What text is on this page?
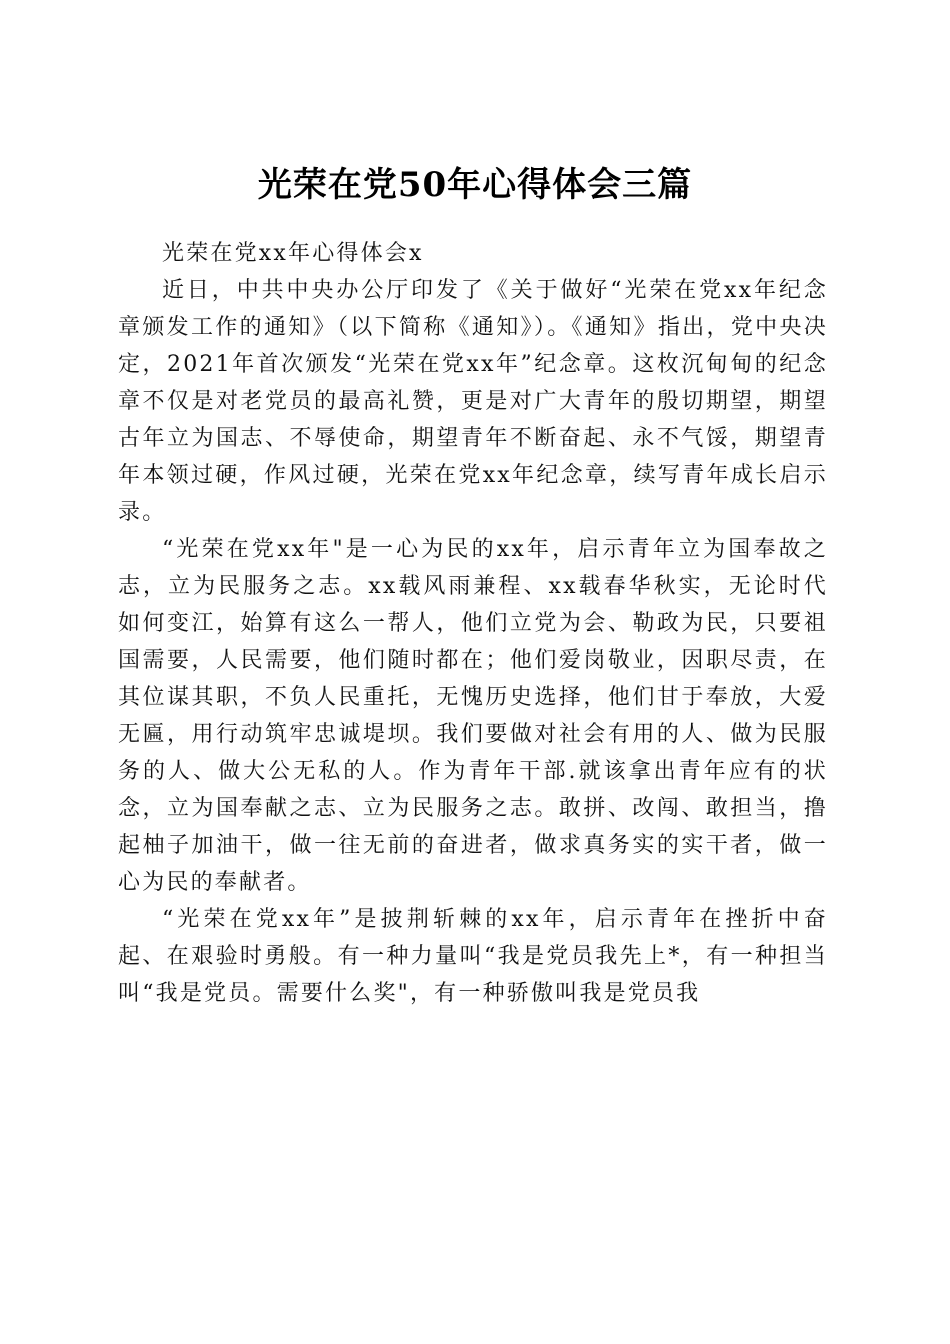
光荣在党50年心得体会三篇

光荣在党xx年心得体会x

近日，中共中央办公厅印发了《关于做好“光荣在党xx年纪念章颁发工作的通知》（以下简称《通知》）。《通知》指出，党中央决定，2021年首次颁发“光荣在党xx年”纪念章。这枚沉甸甸的纪念章不仅是对老党员的最高礼赞，更是对广大青年的殷切期望，期望古年立为国志、不辱使命，期望青年不断奋起、永不气馁，期望青年本领过硬，作风过硬，光荣在党xx年纪念章，续写青年成长启示录。

“光荣在党xx年"是一心为民的xx年，启示青年立为国奉故之志，立为民服务之志。xx载风雨兼程、xx载春华秋实，无论时代如何变江，始算有这么一帮人，他们立党为会、勒政为民，只要祖国需要，人民需要，他们随时都在；他们爱岗敬业，因职尽责，在其位谋其职，不负人民重托，无愧历史选择，他们甘于奉放，大爱无匾，用行动筑牢忠诚堤坝。我们要做对社会有用的人、做为民服务的人、做大公无私的人。作为青年干部.就该拿出青年应有的状念，立为国奉献之志、立为民服务之志。敢拼、改闯、敢担当，撸起柚子加油干，做一往无前的奋进者，做求真务实的实干者，做一心为民的奉献者。

“光荣在党xx年”是披荆斩棘的xx年，启示青年在挫折中奋起、在艰验时勇般。有一种力量叫“我是党员我先上*，有一种担当叫“我是党员。需要什么奖"，有一种骄傲叫我是党员我
